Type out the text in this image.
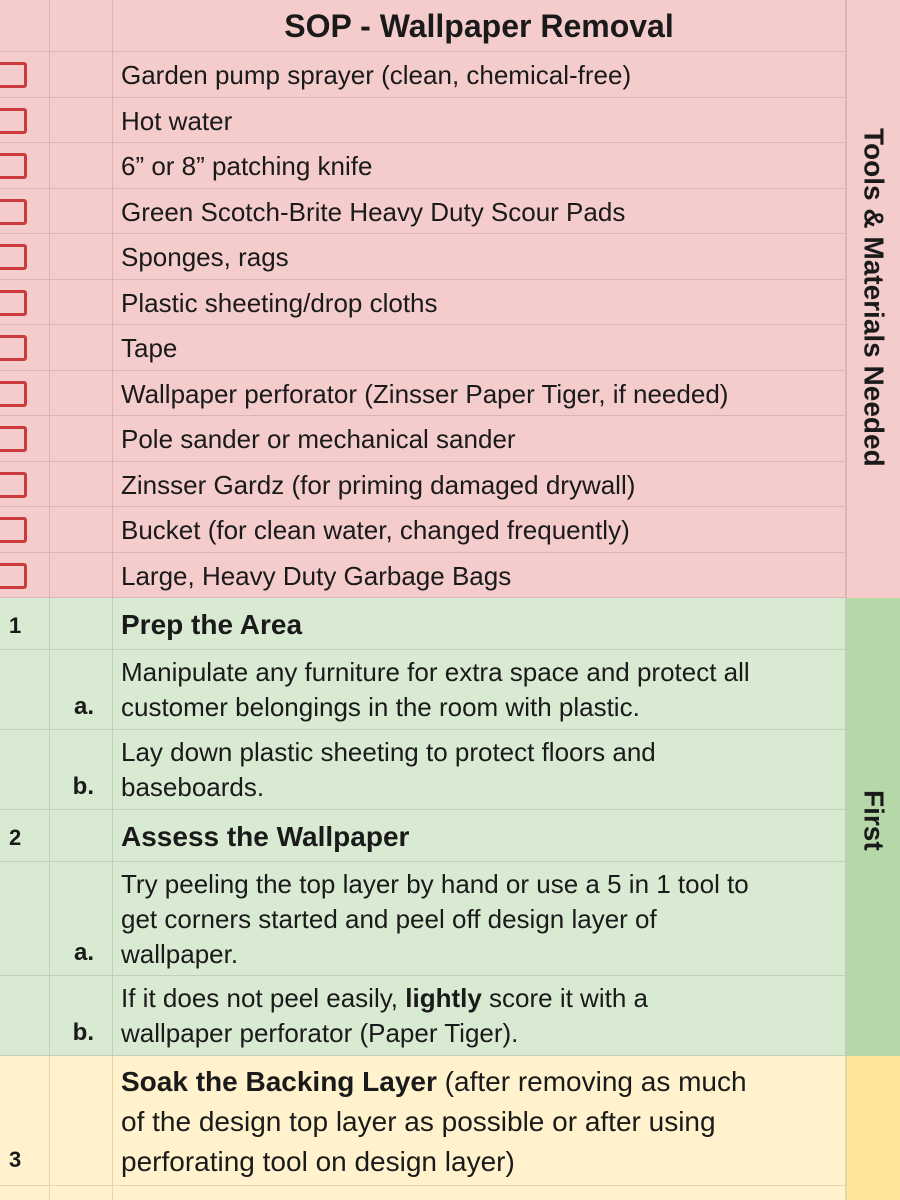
SOP - Wallpaper Removal
Garden pump sprayer (clean, chemical-free)
Hot water
6” or 8” patching knife
Green Scotch-Brite Heavy Duty Scour Pads
Sponges, rags
Plastic sheeting/drop cloths
Tape
Wallpaper perforator (Zinsser Paper Tiger, if needed)
Pole sander or mechanical sander
Zinsser Gardz (for priming damaged drywall)
Bucket (for clean water, changed frequently)
Large, Heavy Duty Garbage Bags
1	Prep the Area
a.
Manipulate any furniture for extra space and protect all
customer belongings in the room with plastic.
b.
Lay down plastic sheeting to protect floors and
baseboards.
2	Assess the Wallpaper
a.
Try peeling the top layer by hand or use a 5 in 1 tool to
get corners started and peel off design layer of
wallpaper.
b.
If it does not peel easily, lightly score it with a
wallpaper perforator (Paper Tiger).
3
Soak the Backing Layer (after removing as much
of the design top layer as possible or after using
perforating tool on design layer)
Tools & Materials Needed
First
